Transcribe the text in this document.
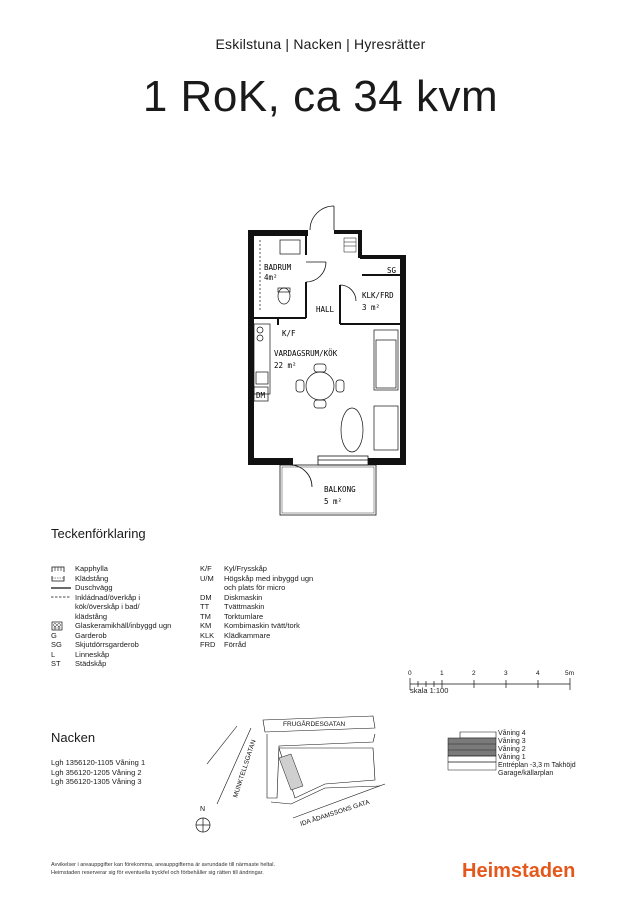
Eskilstuna | Nacken | Hyresrätter
1 RoK, ca 34 kvm
BADRUM
4m²
HALL
SG
KLK/FRD
3 m²
K/F
VARDAGSRUM/KÖK
22 m²
DM
BALKONG
5 m²
Teckenförklaring
Kapphylla
Klädstång
Duschvägg
Inkládnad/överkåp i
kök/överskåp i bad/
klädstång
Glaskeramikhäll/inbyggd ugn
G	Garderob
SG	Skjutdörrsgarderob
L	Linneskåp
ST	Städskåp
K/F	Kyl/Frysskåp
U/M	Högskåp med inbyggd ugn
och plats för micro
DM	Diskmaskin
TT	Tvättmaskin
TM	Torktumlare
KM	Kombimaskin tvätt/tork
KLK	Klädkammare
FRD	Förråd
0	1	2	3	4	5m
skala 1:100
Nacken
Lgh 1356120-1105 Våning 1
Lgh 356120-1205 Våning 2
Lgh 356120-1305 Våning 3
FRUGÅRDESGATAN
MUNKTELLSGATAN
IDA ÅDAMSSONS GATA
N
Våning 4
Våning 3
Våning 2
Våning 1
Entréplan -3,3 m Takhöjd
Garage/källarplan
Avvikelser i areauppgifter kan förekomma, areauppgifterna är avrundade till närmaste heltal.
Heimstaden reserverar sig för eventuella tryckfel och förbehåller sig rätten till ändringar.	Heimstaden
